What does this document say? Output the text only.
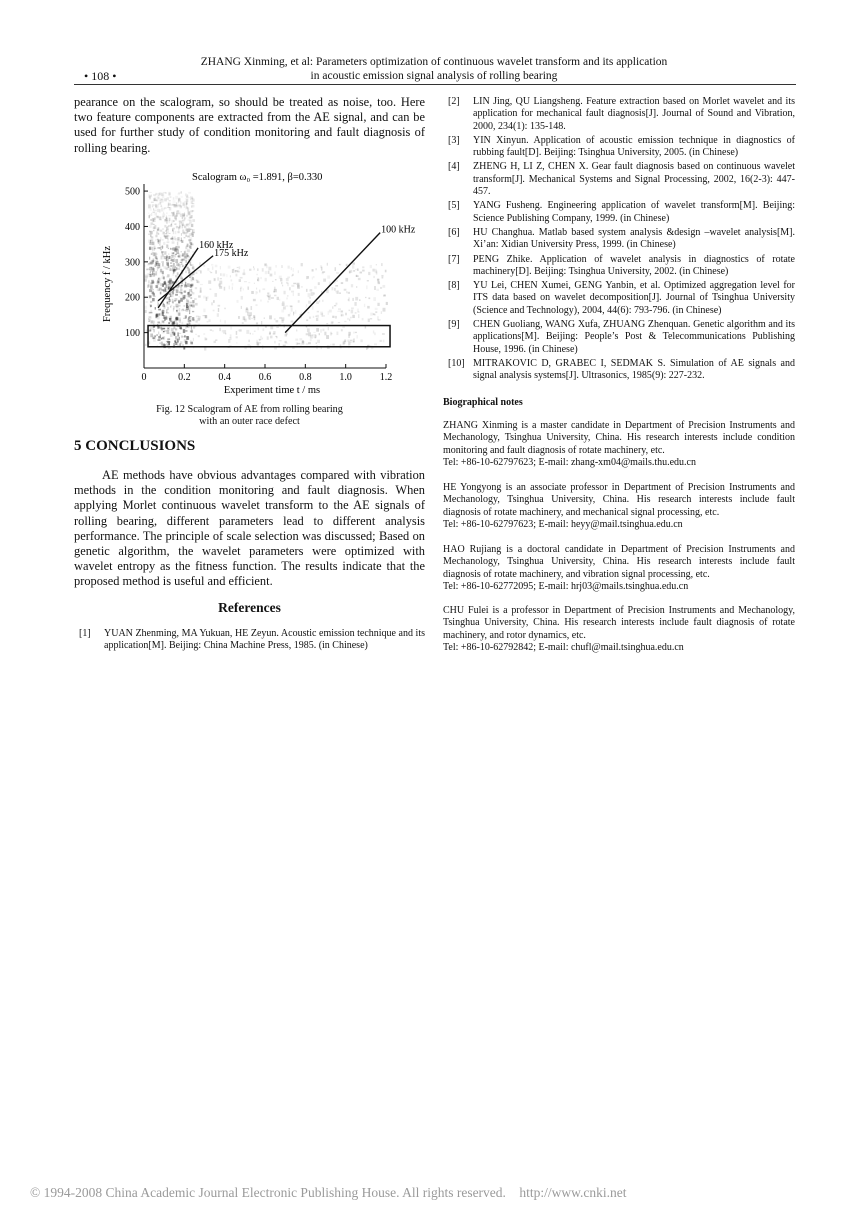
• 108 •
ZHANG Xinming, et al: Parameters optimization of continuous wavelet transform and its application
in acoustic emission signal analysis of rolling bearing
pearance on the scalogram, so should be treated as noise, too. Here two feature components are extracted from the AE signal, and can be used for further study of condition monitoring and fault diagnosis of rolling bearing.
Scalogram ω₀ =1.891, β=0.330
0	0.2	0.4	0.6	0.8	1.0	1.2
100
200
300
400
500
160 kHz
175 kHz
100 kHz
Frequency f / kHz
Experiment time t / ms
Fig. 12 Scalogram of AE from rolling bearing
with an outer race defect
5 CONCLUSIONS
AE methods have obvious advantages compared with vibration methods in the condition monitoring and fault diagnosis. When applying Morlet continuous wavelet transform to the AE signals of rolling bearing, different parameters lead to different analysis performance. The principle of scale selection was discussed; Based on genetic algorithm, the wavelet parameters were optimized with wavelet entropy as the fitness function. The results indicate that the proposed method is useful and efficient.
References
[1] YUAN Zhenming, MA Yukuan, HE Zeyun. Acoustic emission technique and its application[M]. Beijing: China Machine Press, 1985. (in Chinese)
[2] LIN Jing, QU Liangsheng. Feature extraction based on Morlet wavelet and its application for mechanical fault diagnosis[J]. Journal of Sound and Vibration, 2000, 234(1): 135-148.
[3] YIN Xinyun. Application of acoustic emission technique in diagnostics of rubbing fault[D]. Beijing: Tsinghua University, 2005. (in Chinese)
[4] ZHENG H, LI Z, CHEN X. Gear fault diagnosis based on continuous wavelet transform[J]. Mechanical Systems and Signal Processing, 2002, 16(2-3): 447-457.
[5] YANG Fusheng. Engineering application of wavelet transform[M]. Beijing: Science Publishing Company, 1999. (in Chinese)
[6] HU Changhua. Matlab based system analysis &design –wavelet analysis[M]. Xi’an: Xidian University Press, 1999. (in Chinese)
[7] PENG Zhike. Application of wavelet analysis in diagnostics of rotate machinery[D]. Beijing: Tsinghua University, 2002. (in Chinese)
[8] YU Lei, CHEN Xumei, GENG Yanbin, et al. Optimized aggregation level for ITS data based on wavelet decomposition[J]. Journal of Tsinghua University (Science and Technology), 2004, 44(6): 793-796. (in Chinese)
[9] CHEN Guoliang, WANG Xufa, ZHUANG Zhenquan. Genetic algorithm and its applications[M]. Beijing: People’s Post & Telecommunications Publishing House, 1996. (in Chinese)
[10] MITRAKOVIC D, GRABEC I, SEDMAK S. Simulation of AE signals and signal analysis systems[J]. Ultrasonics, 1985(9): 227-232.
Biographical notes
ZHANG Xinming is a master candidate in Department of Precision Instruments and Mechanology, Tsinghua University, China. His research interests include condition monitoring and fault diagnosis of rotate machinery, etc.
Tel: +86-10-62797623; E-mail: zhang-xm04@mails.thu.edu.cn
HE Yongyong is an associate professor in Department of Precision Instruments and Mechanology, Tsinghua University, China. His research interests include fault diagnosis of rotate machinery, and mechanical signal processing, etc.
Tel: +86-10-62797623; E-mail: heyy@mail.tsinghua.edu.cn
HAO Rujiang is a doctoral candidate in Department of Precision Instruments and Mechanology, Tsinghua University, China. His research interests include fault diagnosis of rotate machinery, and vibration signal processing, etc.
Tel: +86-10-62772095; E-mail: hrj03@mails.tsinghua.edu.cn
CHU Fulei is a professor in Department of Precision Instruments and Mechanology, Tsinghua University, China. His research interests include fault diagnosis of rotate machinery, and rotor dynamics, etc.
Tel: +86-10-62792842; E-mail: chufl@mail.tsinghua.edu.cn
© 1994-2008 China Academic Journal Electronic Publishing House. All rights reserved.    http://www.cnki.net
